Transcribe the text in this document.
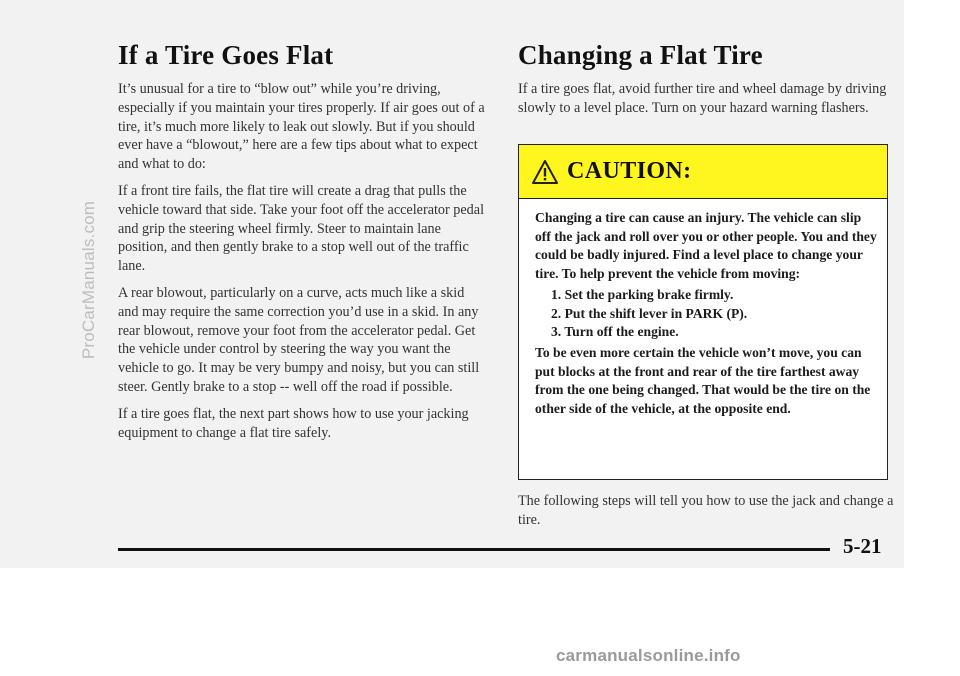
ProCarManuals.com
If a Tire Goes Flat

It’s unusual for a tire to “blow out” while you’re driving, especially if you maintain your tires properly. If air goes out of a tire, it’s much more likely to leak out slowly. But if you should ever have a “blowout,” here are a few tips about what to expect and what to do:

If a front tire fails, the flat tire will create a drag that pulls the vehicle toward that side. Take your foot off the accelerator pedal and grip the steering wheel firmly. Steer to maintain lane position, and then gently brake to a stop well out of the traffic lane.

A rear blowout, particularly on a curve, acts much like a skid and may require the same correction you’d use in a skid. In any rear blowout, remove your foot from the accelerator pedal. Get the vehicle under control by steering the way you want the vehicle to go. It may be very bumpy and noisy, but you can still steer. Gently brake to a stop -- well off the road if possible.

If a tire goes flat, the next part shows how to use your jacking equipment to change a flat tire safely.

Changing a Flat Tire

If a tire goes flat, avoid further tire and wheel damage by driving slowly to a level place. Turn on your hazard warning flashers.

CAUTION:

Changing a tire can cause an injury. The vehicle can slip off the jack and roll over you or other people. You and they could be badly injured. Find a level place to change your tire. To help prevent the vehicle from moving:

1. Set the parking brake firmly.
2. Put the shift lever in PARK (P).
3. Turn off the engine.

To be even more certain the vehicle won’t move, you can put blocks at the front and rear of the tire farthest away from the one being changed. That would be the tire on the other side of the vehicle, at the opposite end.

The following steps will tell you how to use the jack and change a tire.
5-21
carmanualsonline.info
